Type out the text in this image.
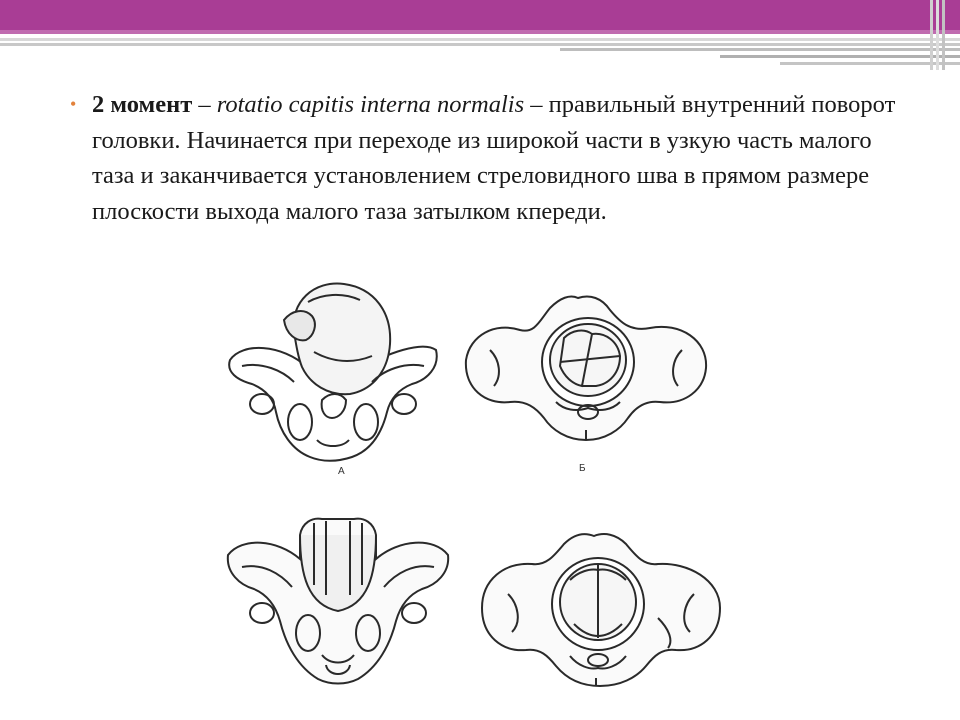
• 2 момент – rotatio capitis interna normalis – правильный внутренний поворот головки. Начинается при переходе из широкой части в узкую часть малого таза и заканчивается установлением стреловидного шва в прямом размере плоскости выхода малого таза затылком кпереди.

А	Б
